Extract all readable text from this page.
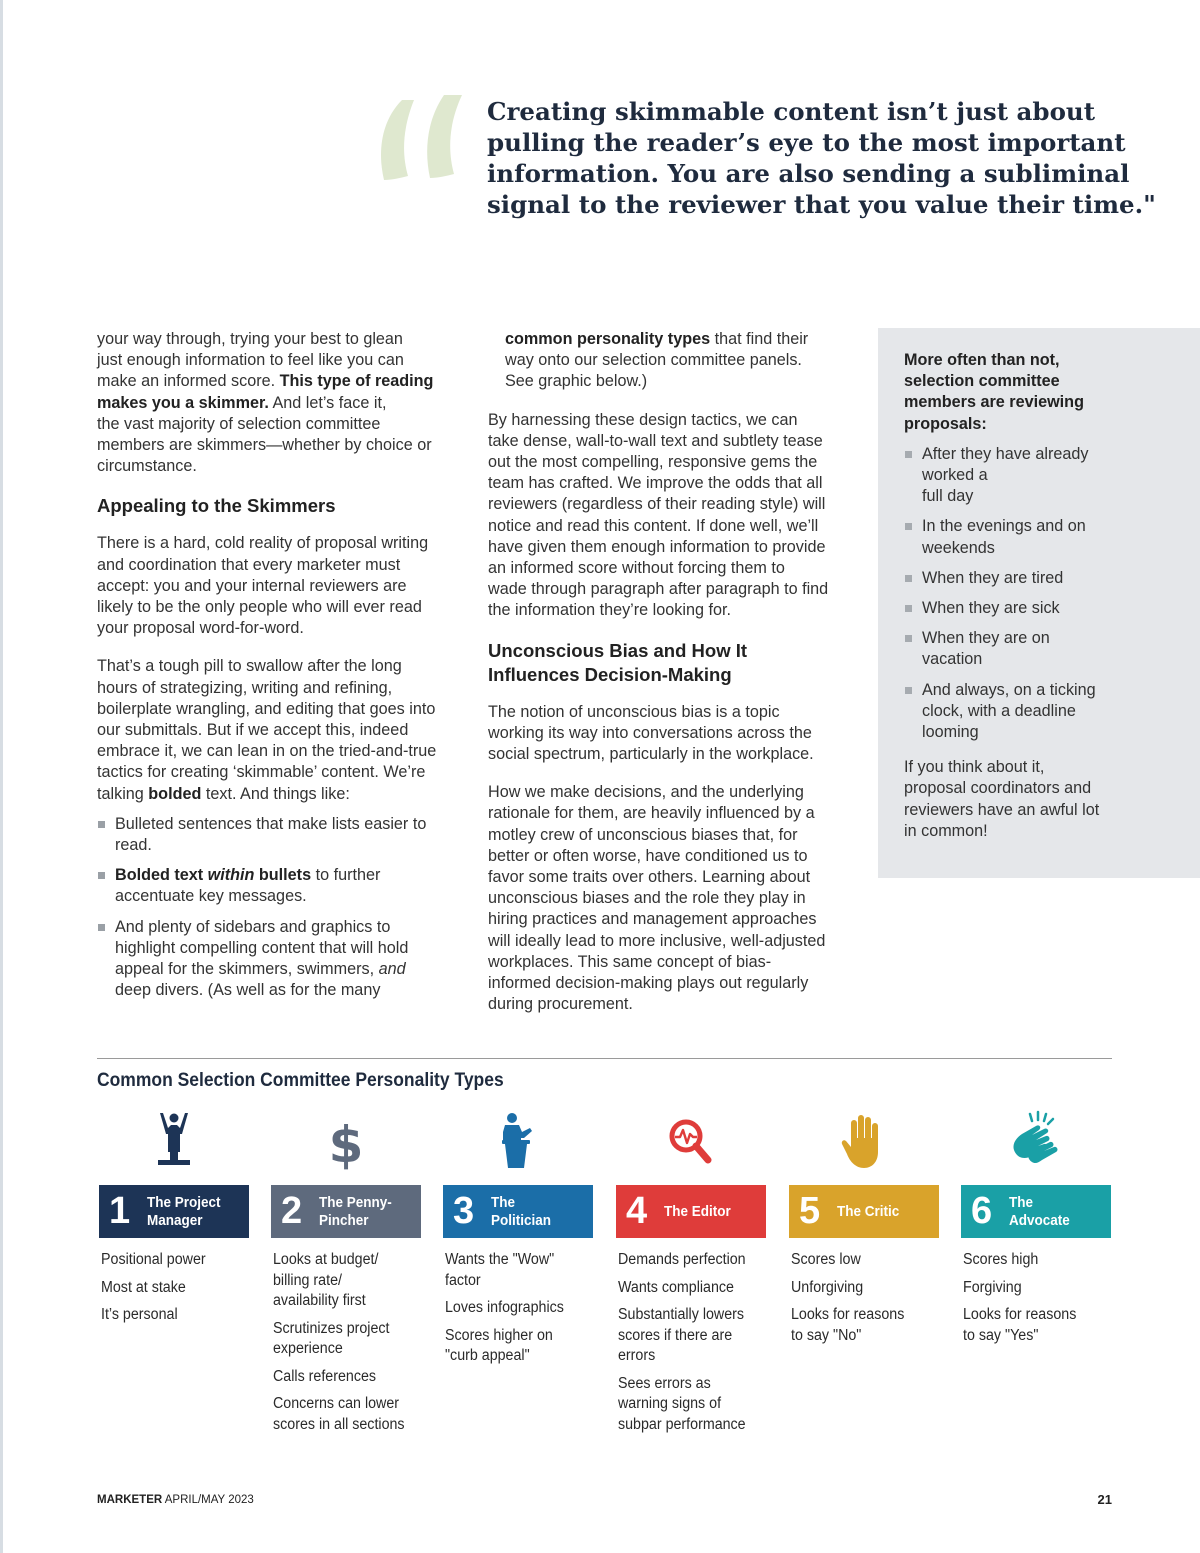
Creating skimmable content isn’t just about
pulling the reader’s eye to the most important
information. You are also sending a subliminal
signal to the reviewer that you value their time."
your way through, trying your best to glean
just enough information to feel like you can
make an informed score. This type of reading
makes you a skimmer. And let’s face it,
the vast majority of selection committee
members are skimmers—whether by choice or
circumstance.
Appealing to the Skimmers
There is a hard, cold reality of proposal writing
and coordination that every marketer must
accept: you and your internal reviewers are
likely to be the only people who will ever read
your proposal word-for-word.
That’s a tough pill to swallow after the long
hours of strategizing, writing and refining,
boilerplate wrangling, and editing that goes into
our submittals. But if we accept this, indeed
embrace it, we can lean in on the tried-and-true
tactics for creating ‘skimmable’ content. We’re
talking bolded text. And things like:
Bulleted sentences that make lists easier to
read.
Bolded text within bullets to further
accentuate key messages.
And plenty of sidebars and graphics to
highlight compelling content that will hold
appeal for the skimmers, swimmers, and
deep divers. (As well as for the many
common personality types that find their
way onto our selection committee panels.
See graphic below.)
By harnessing these design tactics, we can
take dense, wall-to-wall text and subtlety tease
out the most compelling, responsive gems the
team has crafted. We improve the odds that all
reviewers (regardless of their reading style) will
notice and read this content. If done well, we’ll
have given them enough information to provide
an informed score without forcing them to
wade through paragraph after paragraph to find
the information they’re looking for.
Unconscious Bias and How It
Influences Decision-Making
The notion of unconscious bias is a topic
working its way into conversations across the
social spectrum, particularly in the workplace.
How we make decisions, and the underlying
rationale for them, are heavily influenced by a
motley crew of unconscious biases that, for
better or often worse, have conditioned us to
favor some traits over others. Learning about
unconscious biases and the role they play in
hiring practices and management approaches
will ideally lead to more inclusive, well-adjusted
workplaces. This same concept of bias-
informed decision-making plays out regularly
during procurement.
More often than not,
selection committee
members are reviewing
proposals:
After they have already
worked a
full day
In the evenings and on
weekends
When they are tired
When they are sick
When they are on
vacation
And always, on a ticking
clock, with a deadline
looming
If you think about it,
proposal coordinators and
reviewers have an awful lot
in common!
Common Selection Committee Personality Types
1 The Project
Manager
Positional power
Most at stake
It’s personal
$
2 The Penny-
Pincher
Looks at budget/
billing rate/
availability first
Scrutinizes project
experience
Calls references
Concerns can lower
scores in all sections
3 The
Politician
Wants the "Wow"
factor
Loves infographics
Scores higher on
"curb appeal"
4 The Editor
Demands perfection
Wants compliance
Substantially lowers
scores if there are
errors
Sees errors as
warning signs of
subpar performance
5 The Critic
Scores low
Unforgiving
Looks for reasons
to say "No"
6 The
Advocate
Scores high
Forgiving
Looks for reasons
to say "Yes"
MARKETER APRIL/MAY 2023	21
